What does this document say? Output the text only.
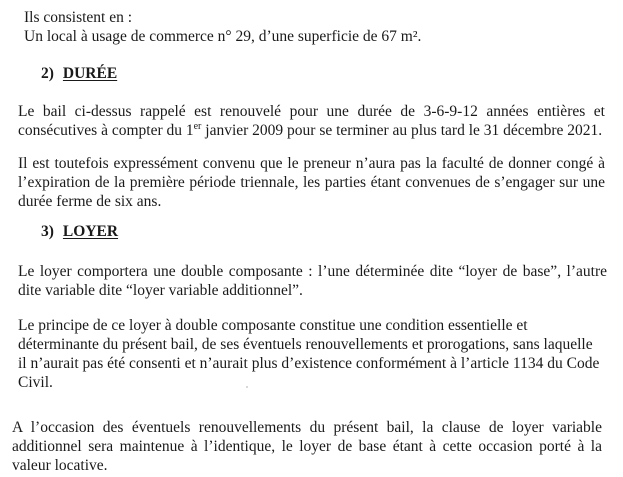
Ils consistent en :
Un local à usage de commerce n° 29, d’une superficie de 67 m².
2) DURÉE
Le bail ci-dessus rappelé est renouvelé pour une durée de 3-6-9-12 années entières et
consécutives à compter du 1er janvier 2009 pour se terminer au plus tard le 31 décembre 2021.
Il est toutefois expressément convenu que le preneur n’aura pas la faculté de donner congé à
l’expiration de la première période triennale, les parties étant convenues de s’engager sur une
durée ferme de six ans.
3) LOYER
Le loyer comportera une double composante : l’une déterminée dite “loyer de base”, l’autre
dite variable dite “loyer variable additionnel”.
Le principe de ce loyer à double composante constitue une condition essentielle et
déterminante du présent bail, de ses éventuels renouvellements et prorogations, sans laquelle
il n’aurait pas été consenti et n’aurait plus d’existence conformément à l’article 1134 du Code
Civil.
A l’occasion des éventuels renouvellements du présent bail, la clause de loyer variable
additionnel sera maintenue à l’identique, le loyer de base étant à cette occasion porté à la
valeur locative.
